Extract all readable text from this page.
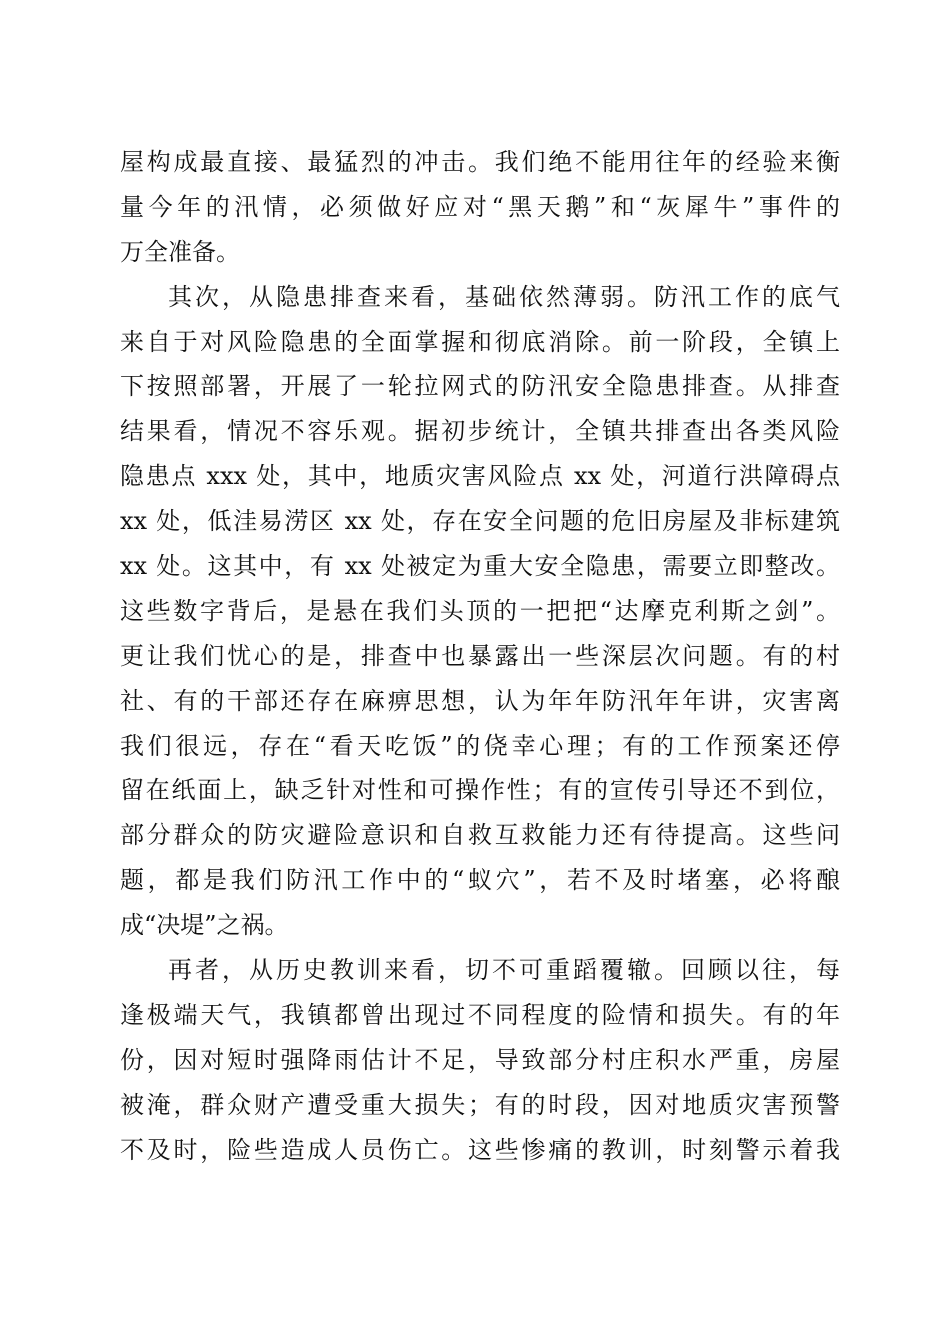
屋构成最直接、最猛烈的冲击。我们绝不能用往年的经验来衡
量今年的汛情，必须做好应对“黑天鹅”和“灰犀牛”事件的
万全准备。
其次，从隐患排查来看，基础依然薄弱。防汛工作的底气
来自于对风险隐患的全面掌握和彻底消除。前一阶段，全镇上
下按照部署，开展了一轮拉网式的防汛安全隐患排查。从排查
结果看，情况不容乐观。据初步统计，全镇共排查出各类风险
隐患点 xxx 处，其中，地质灾害风险点 xx 处，河道行洪障碍点
xx 处，低洼易涝区 xx 处，存在安全问题的危旧房屋及非标建筑
xx 处。这其中，有 xx 处被定为重大安全隐患，需要立即整改。
这些数字背后，是悬在我们头顶的一把把“达摩克利斯之剑”。
更让我们忧心的是，排查中也暴露出一些深层次问题。有的村
社、有的干部还存在麻痹思想，认为年年防汛年年讲，灾害离
我们很远，存在“看天吃饭”的侥幸心理；有的工作预案还停
留在纸面上，缺乏针对性和可操作性；有的宣传引导还不到位，
部分群众的防灾避险意识和自救互救能力还有待提高。这些问
题，都是我们防汛工作中的“蚁穴”，若不及时堵塞，必将酿
成“决堤”之祸。
再者，从历史教训来看，切不可重蹈覆辙。回顾以往，每
逢极端天气，我镇都曾出现过不同程度的险情和损失。有的年
份，因对短时强降雨估计不足，导致部分村庄积水严重，房屋
被淹，群众财产遭受重大损失；有的时段，因对地质灾害预警
不及时，险些造成人员伤亡。这些惨痛的教训，时刻警示着我
